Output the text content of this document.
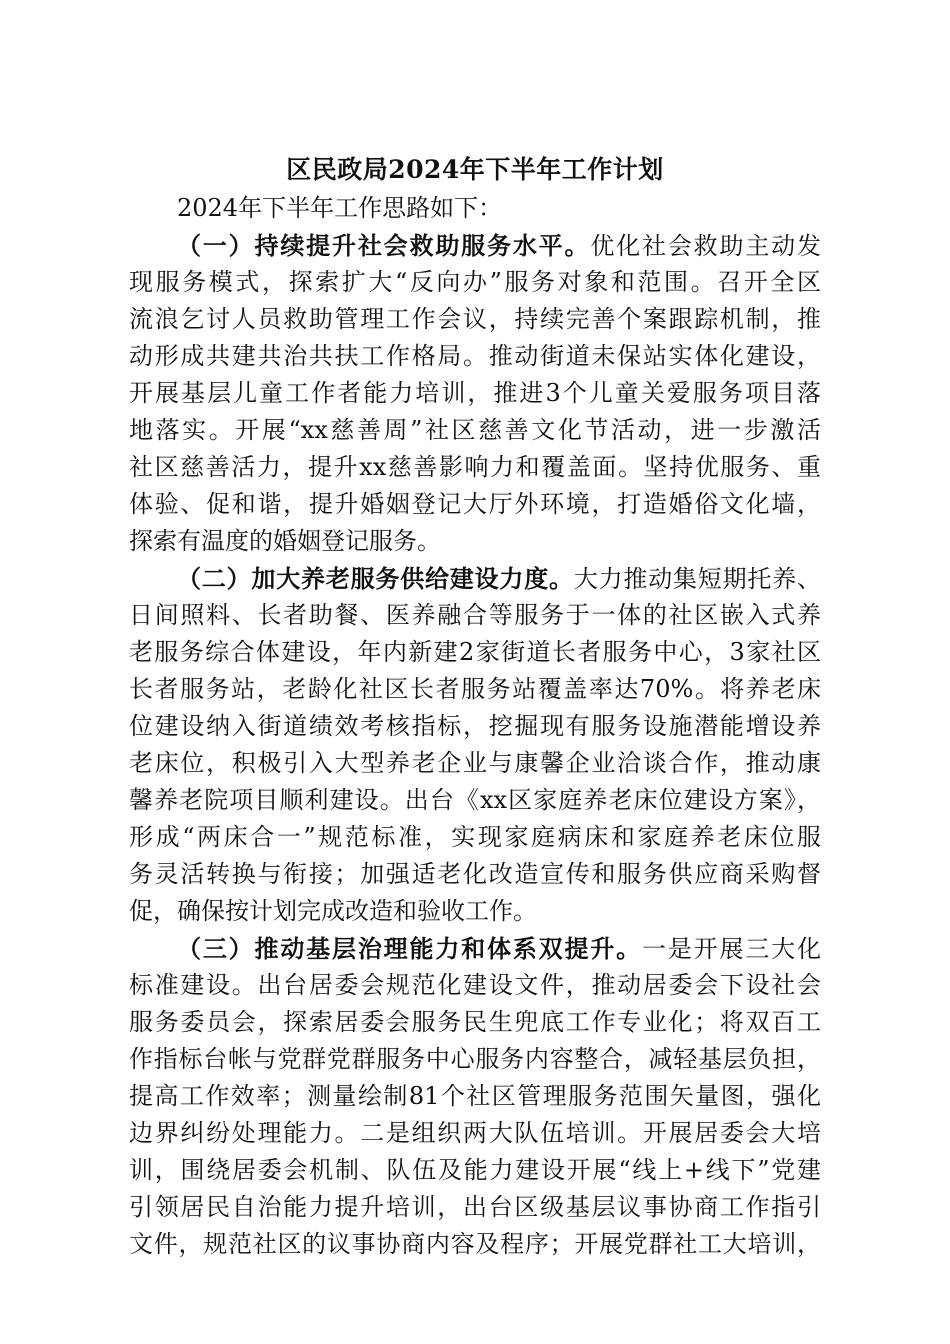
区民政局2024年下半年工作计划

2024年下半年工作思路如下：

（一）持续提升社会救助服务水平。优化社会救助主动发
现服务模式，探索扩大“反向办”服务对象和范围。召开全区
流浪乞讨人员救助管理工作会议，持续完善个案跟踪机制，推
动形成共建共治共扶工作格局。推动街道未保站实体化建设，
开展基层儿童工作者能力培训，推进3个儿童关爱服务项目落
地落实。开展“xx慈善周”社区慈善文化节活动，进一步激活
社区慈善活力，提升xx慈善影响力和覆盖面。坚持优服务、重
体验、促和谐，提升婚姻登记大厅外环境，打造婚俗文化墙，
探索有温度的婚姻登记服务。

（二）加大养老服务供给建设力度。大力推动集短期托养、
日间照料、长者助餐、医养融合等服务于一体的社区嵌入式养
老服务综合体建设，年内新建2家街道长者服务中心，3家社区
长者服务站，老龄化社区长者服务站覆盖率达70%。将养老床
位建设纳入街道绩效考核指标，挖掘现有服务设施潜能增设养
老床位，积极引入大型养老企业与康馨企业洽谈合作，推动康
馨养老院项目顺利建设。出台《xx区家庭养老床位建设方案》，
形成“两床合一”规范标准，实现家庭病床和家庭养老床位服
务灵活转换与衔接；加强适老化改造宣传和服务供应商采购督
促，确保按计划完成改造和验收工作。

（三）推动基层治理能力和体系双提升。一是开展三大化
标准建设。出台居委会规范化建设文件，推动居委会下设社会
服务委员会，探索居委会服务民生兜底工作专业化；将双百工
作指标台帐与党群党群服务中心服务内容整合，减轻基层负担，
提高工作效率；测量绘制81个社区管理服务范围矢量图，强化
边界纠纷处理能力。二是组织两大队伍培训。开展居委会大培
训，围绕居委会机制、队伍及能力建设开展“线上+线下”党建
引领居民自治能力提升培训，出台区级基层议事协商工作指引
文件，规范社区的议事协商内容及程序；开展党群社工大培训，
